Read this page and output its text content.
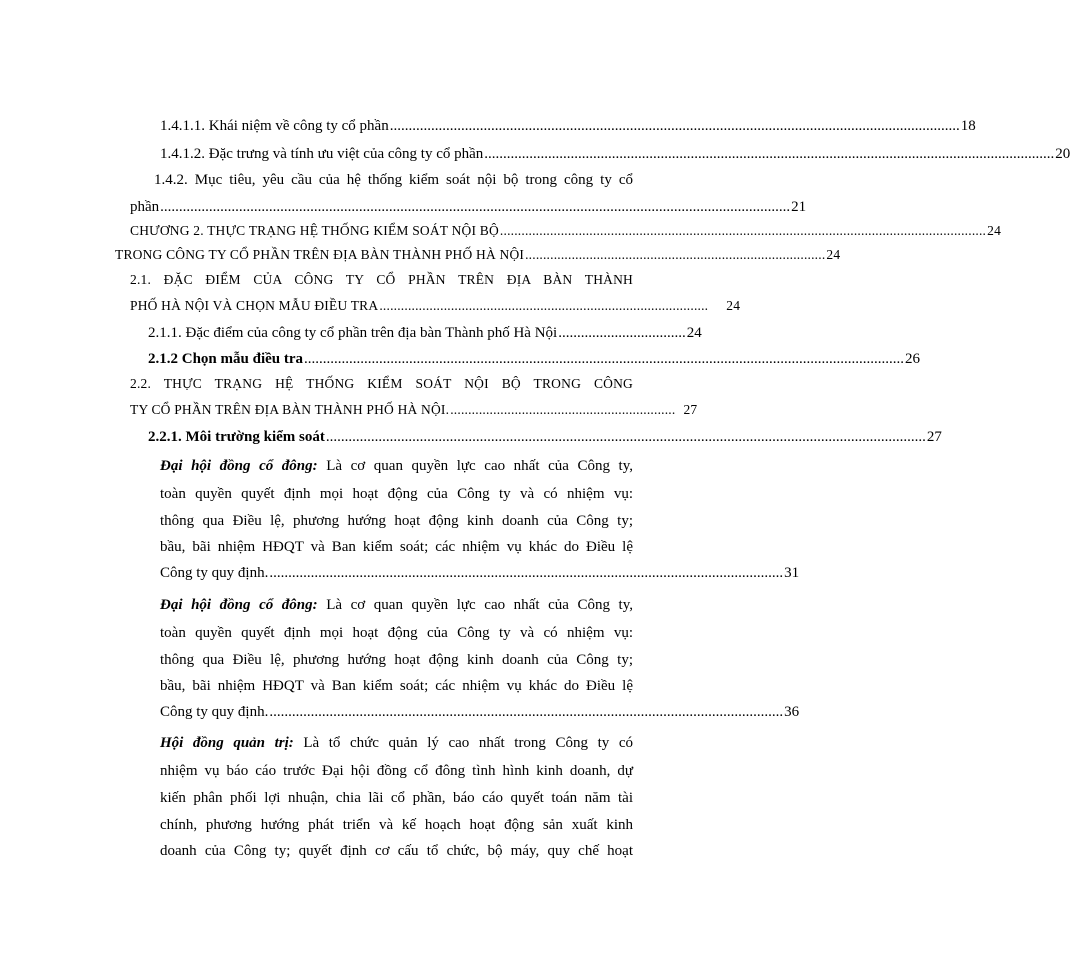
1.4.1.1. Khái niệm về công ty cổ phần ........................................................................................................................................................ 18
1.4.1.2. Đặc trưng và tính ưu việt của công ty cổ phần ........................................................................................................................................................ 20
1.4.2. Mục tiêu, yêu cầu của hệ thống kiểm soát nội bộ trong công ty cổ
phần ........................................................................................................................................................................ 21
CHƯƠNG 2. THỰC TRẠNG HỆ THỐNG KIỂM SOÁT NỘI BỘ ........................................................................................................................................ 24
TRONG CÔNG TY CỔ PHẦN TRÊN ĐỊA BÀN THÀNH PHỐ HÀ NỘI .................................................................................... 24
2.1. ĐẶC ĐIỂM CỦA CÔNG TY CỔ PHẦN TRÊN ĐỊA BÀN THÀNH
PHỐ HÀ NỘI VÀ CHỌN MẪU ĐIỀU TRA ............................................................................................ 24
2.1.1. Đặc điểm của công ty cổ phần trên địa bàn Thành phố Hà Nội .................................. 24
2.1.2 Chọn mẫu điều tra ................................................................................................................................................................ 26
2.2. THỰC TRẠNG HỆ THỐNG KIỂM SOÁT NỘI BỘ TRONG CÔNG
TY CỔ PHẦN TRÊN ĐỊA BÀN THÀNH PHỐ HÀ NỘI. ............................................................... 27
2.2.1. Môi trường kiểm soát ................................................................................................................................................................ 27
Đại hội đồng cổ đông: Là cơ quan quyền lực cao nhất của Công ty,
toàn quyền quyết định mọi hoạt động của Công ty và có nhiệm vụ:
thông qua Điều lệ, phương hướng hoạt động kinh doanh của Công ty;
bầu, bãi nhiệm HĐQT và Ban kiểm soát; các nhiệm vụ khác do Điều lệ
Công ty quy định. ......................................................................................................................................... 31
Đại hội đồng cổ đông: Là cơ quan quyền lực cao nhất của Công ty,
toàn quyền quyết định mọi hoạt động của Công ty và có nhiệm vụ:
thông qua Điều lệ, phương hướng hoạt động kinh doanh của Công ty;
bầu, bãi nhiệm HĐQT và Ban kiểm soát; các nhiệm vụ khác do Điều lệ
Công ty quy định. ......................................................................................................................................... 36
Hội đồng quản trị: Là tổ chức quản lý cao nhất trong Công ty có
nhiệm vụ báo cáo trước Đại hội đồng cổ đông tình hình kinh doanh, dự
kiến phân phối lợi nhuận, chia lãi cổ phần, báo cáo quyết toán năm tài
chính, phương hướng phát triển và kế hoạch hoạt động sản xuất kinh
doanh của Công ty; quyết định cơ cấu tổ chức, bộ máy, quy chế hoạt
